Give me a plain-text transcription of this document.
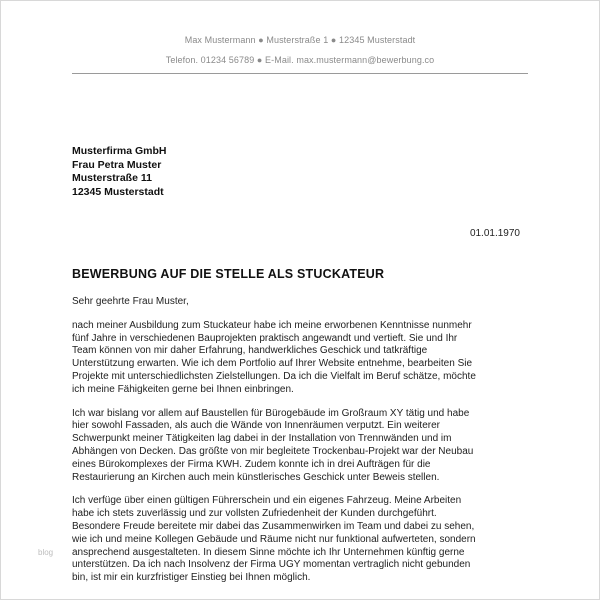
Max Mustermann ● Musterstraße 1 ● 12345 Musterstadt
Telefon. 01234 56789 ● E-Mail. max.mustermann@bewerbung.co
Musterfirma GmbH
Frau Petra Muster
Musterstraße 11
12345 Musterstadt
01.01.1970
BEWERBUNG AUF DIE STELLE ALS STUCKATEUR

Sehr geehrte Frau Muster,

nach meiner Ausbildung zum Stuckateur habe ich meine erworbenen Kenntnisse nunmehr
fünf Jahre in verschiedenen Bauprojekten praktisch angewandt und vertieft. Sie und Ihr
Team können von mir daher Erfahrung, handwerkliches Geschick und tatkräftige
Unterstützung erwarten. Wie ich dem Portfolio auf Ihrer Website entnehme, bearbeiten Sie
Projekte mit unterschiedlichsten Zielstellungen. Da ich die Vielfalt im Beruf schätze, möchte
ich meine Fähigkeiten gerne bei Ihnen einbringen.

Ich war bislang vor allem auf Baustellen für Bürogebäude im Großraum XY tätig und habe
hier sowohl Fassaden, als auch die Wände von Innenräumen verputzt. Ein weiterer
Schwerpunkt meiner Tätigkeiten lag dabei in der Installation von Trennwänden und im
Abhängen von Decken. Das größte von mir begleitete Trockenbau-Projekt war der Neubau
eines Bürokomplexes der Firma KWH. Zudem konnte ich in drei Aufträgen für die
Restaurierung an Kirchen auch mein künstlerisches Geschick unter Beweis stellen.

Ich verfüge über einen gültigen Führerschein und ein eigenes Fahrzeug. Meine Arbeiten
habe ich stets zuverlässig und zur vollsten Zufriedenheit der Kunden durchgeführt.
Besondere Freude bereitete mir dabei das Zusammenwirken im Team und dabei zu sehen,
wie ich und meine Kollegen Gebäude und Räume nicht nur funktional aufwerteten, sondern
ansprechend ausgestalteten. In diesem Sinne möchte ich Ihr Unternehmen künftig gerne
unterstützen. Da ich nach Insolvenz der Firma UGY momentan vertraglich nicht gebunden
bin, ist mir ein kurzfristiger Einstieg bei Ihnen möglich.

blog
